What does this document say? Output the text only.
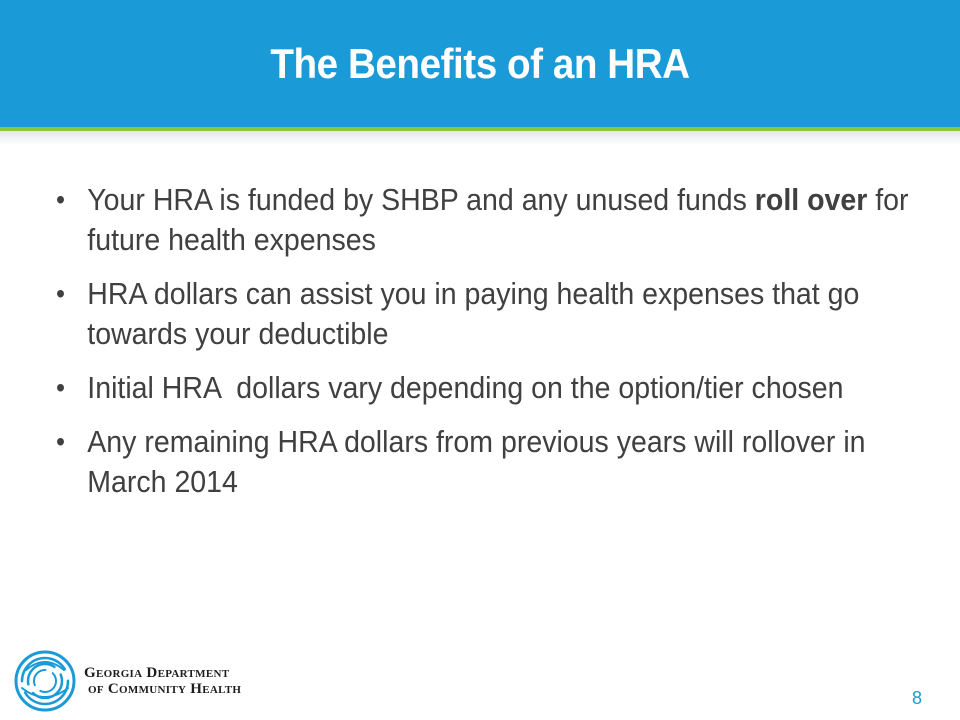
The Benefits of an HRA
• Your HRA is funded by SHBP and any unused funds roll over for future health expenses
• HRA dollars can assist you in paying health expenses that go towards your deductible
• Initial HRA  dollars vary depending on the option/tier chosen
• Any remaining HRA dollars from previous years will rollover in March 2014
Georgia Department
of Community Health	8
